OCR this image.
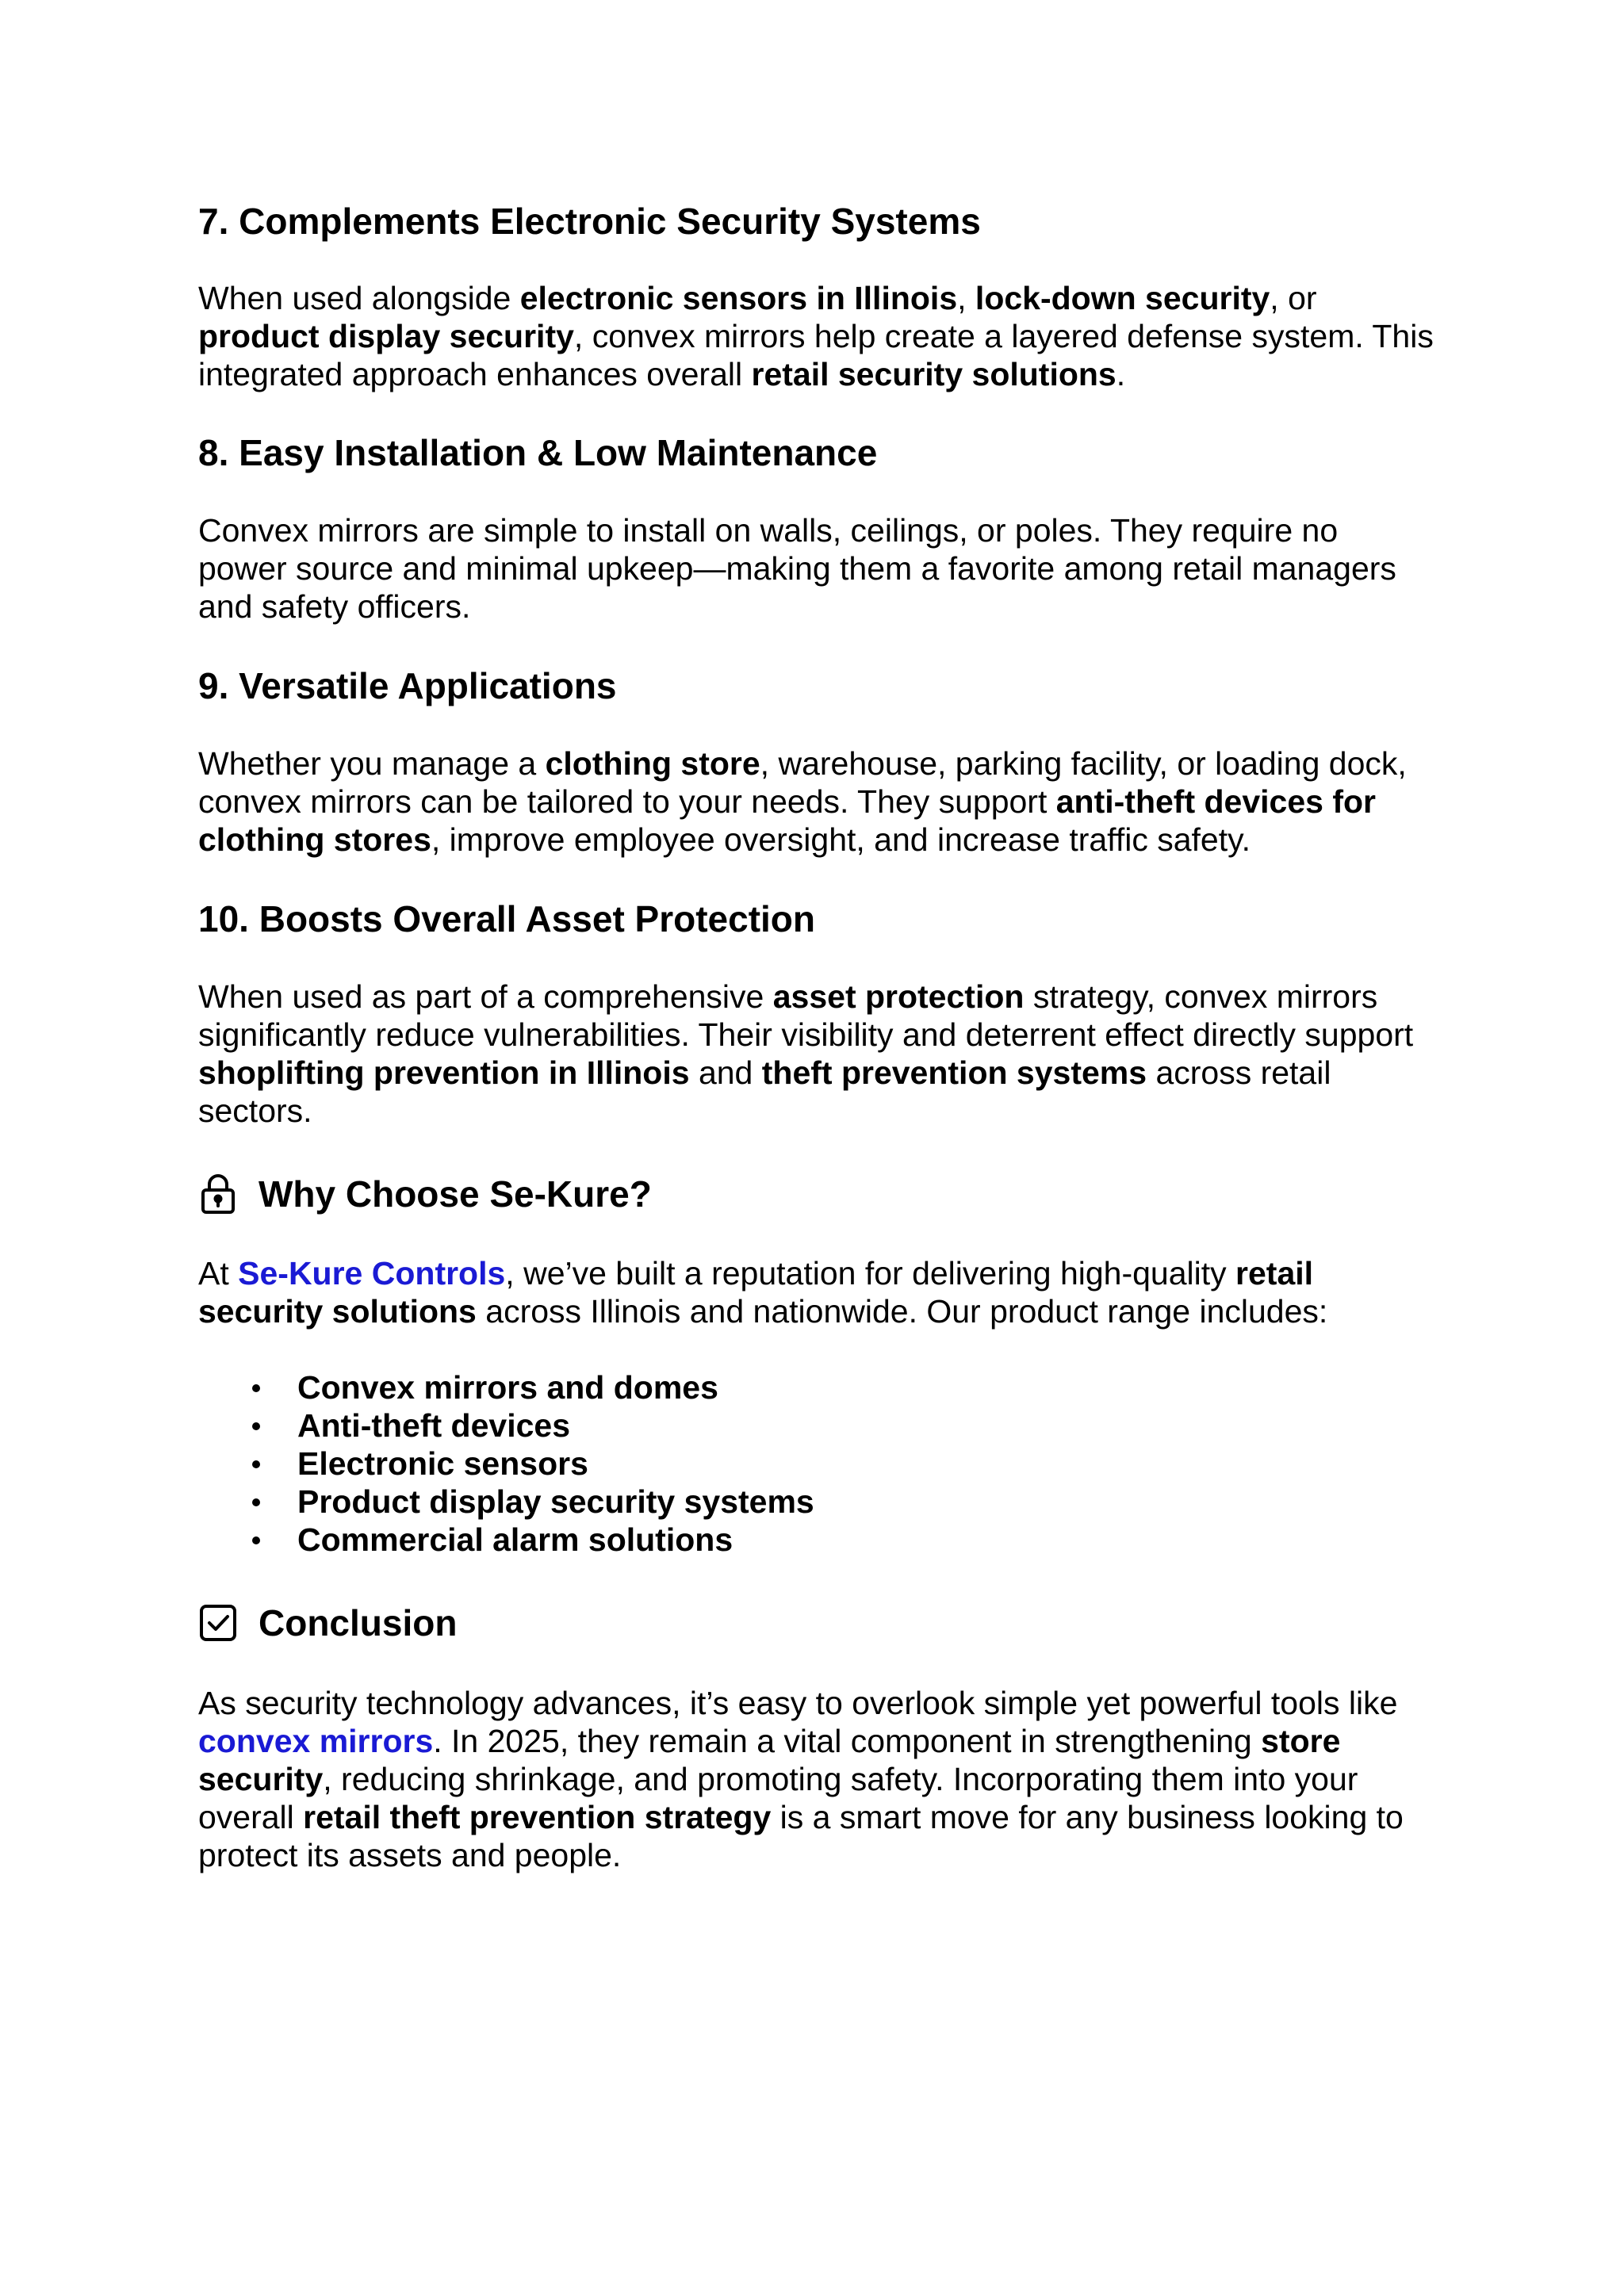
7. Complements Electronic Security Systems

When used alongside electronic sensors in Illinois, lock-down security, or product display security, convex mirrors help create a layered defense system. This integrated approach enhances overall retail security solutions.

8. Easy Installation & Low Maintenance

Convex mirrors are simple to install on walls, ceilings, or poles. They require no power source and minimal upkeep—making them a favorite among retail managers and safety officers.

9. Versatile Applications

Whether you manage a clothing store, warehouse, parking facility, or loading dock, convex mirrors can be tailored to your needs. They support anti-theft devices for clothing stores, improve employee oversight, and increase traffic safety.

10. Boosts Overall Asset Protection

When used as part of a comprehensive asset protection strategy, convex mirrors significantly reduce vulnerabilities. Their visibility and deterrent effect directly support shoplifting prevention in Illinois and theft prevention systems across retail sectors.

Why Choose Se-Kure?

At Se-Kure Controls, we’ve built a reputation for delivering high-quality retail security solutions across Illinois and nationwide. Our product range includes:

Convex mirrors and domes
Anti-theft devices
Electronic sensors
Product display security systems
Commercial alarm solutions
Conclusion

As security technology advances, it’s easy to overlook simple yet powerful tools like convex mirrors. In 2025, they remain a vital component in strengthening store security, reducing shrinkage, and promoting safety. Incorporating them into your overall retail theft prevention strategy is a smart move for any business looking to protect its assets and people.
